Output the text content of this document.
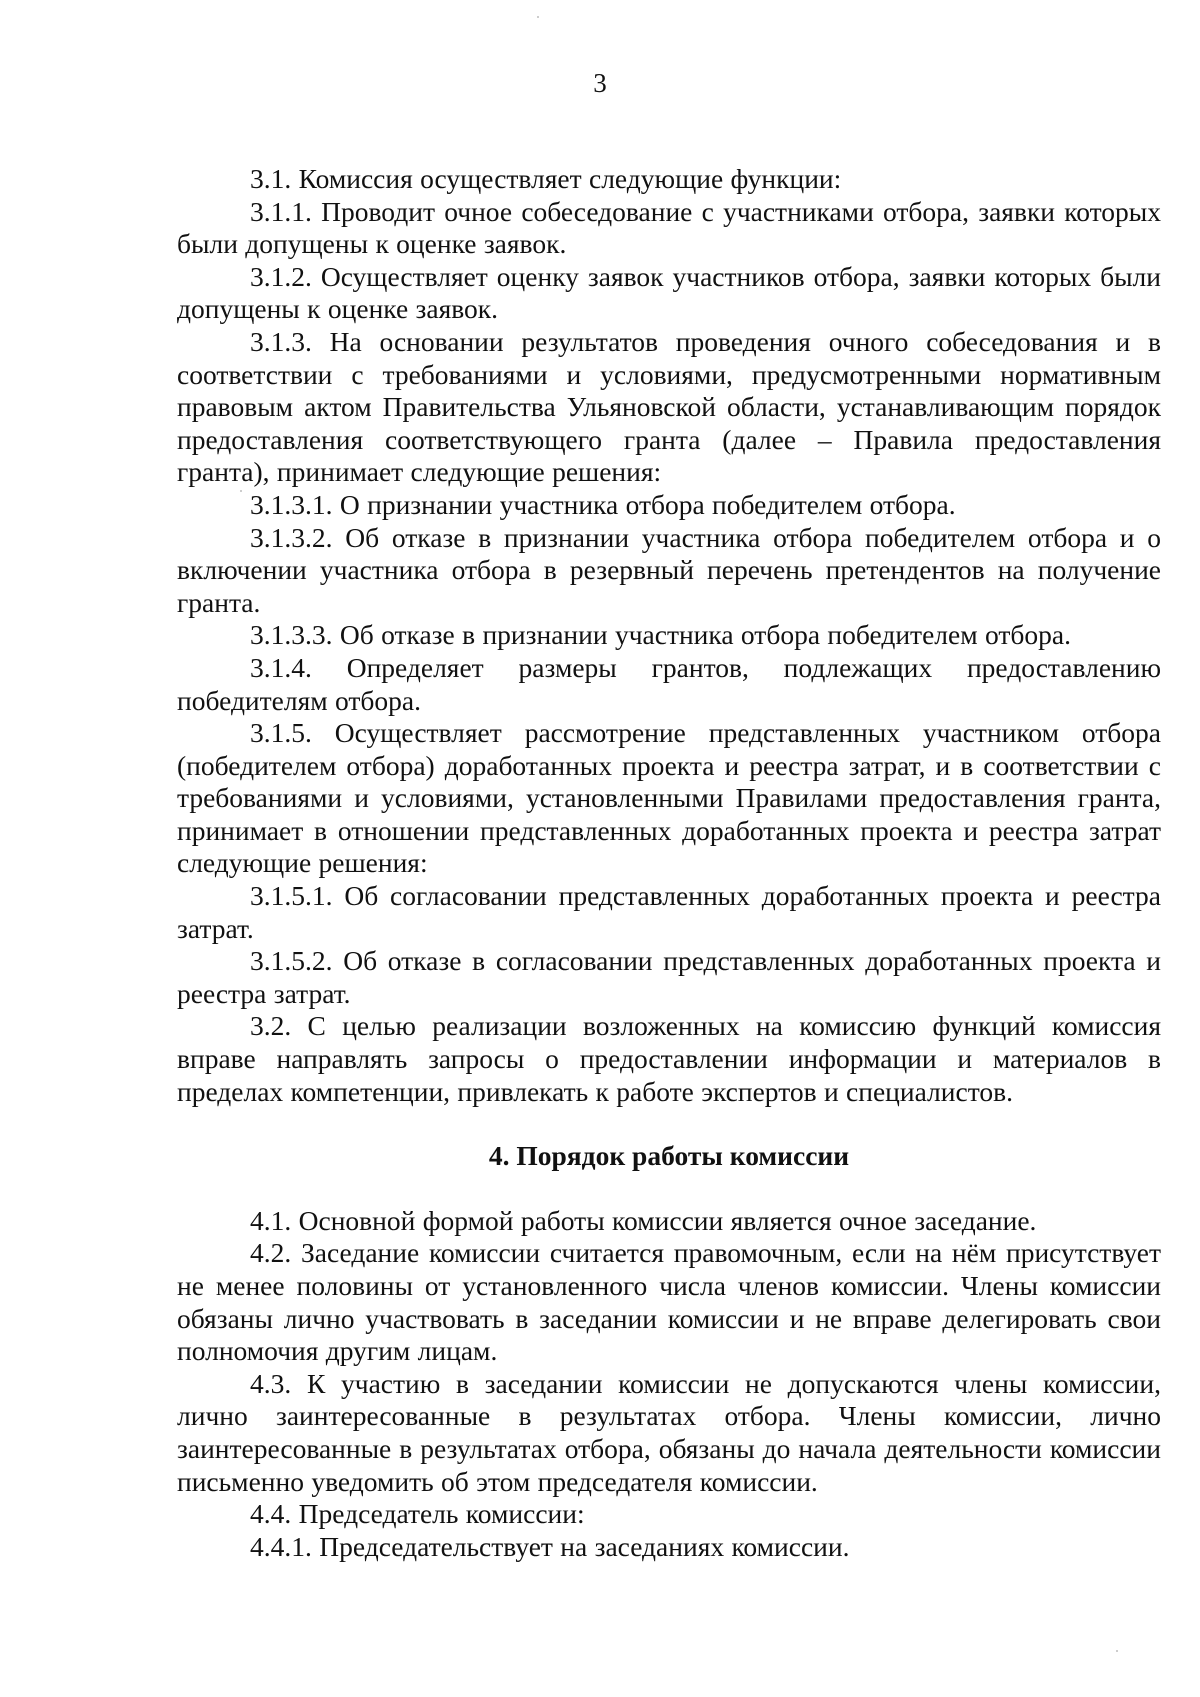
3

3.1. Комиссия осуществляет следующие функции:

3.1.1. Проводит очное собеседование с участниками отбора, заявки которых были допущены к оценке заявок.

3.1.2. Осуществляет оценку заявок участников отбора, заявки которых были допущены к оценке заявок.

3.1.3. На основании результатов проведения очного собеседования и в соответствии с требованиями и условиями, предусмотренными нормативным правовым актом Правительства Ульяновской области, устанавливающим порядок предоставления соответствующего гранта (далее – Правила предоставления гранта), принимает следующие решения:

3.1.3.1. О признании участника отбора победителем отбора.

3.1.3.2. Об отказе в признании участника отбора победителем отбора и о включении участника отбора в резервный перечень претендентов на получение гранта.

3.1.3.3. Об отказе в признании участника отбора победителем отбора.

3.1.4. Определяет размеры грантов, подлежащих предоставлению победителям отбора.

3.1.5. Осуществляет рассмотрение представленных участником отбора (победителем отбора) доработанных проекта и реестра затрат, и в соответствии с требованиями и условиями, установленными Правилами предоставления гранта, принимает в отношении представленных доработанных проекта и реестра затрат следующие решения:

3.1.5.1. Об согласовании представленных доработанных проекта и реестра затрат.

3.1.5.2. Об отказе в согласовании представленных доработанных проекта и реестра затрат.

3.2. С целью реализации возложенных на комиссию функций комиссия вправе направлять запросы о предоставлении информации и материалов в пределах компетенции, привлекать к работе экспертов и специалистов.

4. Порядок работы комиссии

4.1. Основной формой работы комиссии является очное заседание.

4.2. Заседание комиссии считается правомочным, если на нём присутствует не менее половины от установленного числа членов комиссии. Члены комиссии обязаны лично участвовать в заседании комиссии и не вправе делегировать свои полномочия другим лицам.

4.3. К участию в заседании комиссии не допускаются члены комиссии, лично заинтересованные в результатах отбора. Члены комиссии, лично заинтересованные в результатах отбора, обязаны до начала деятельности комиссии письменно уведомить об этом председателя комиссии.

4.4. Председатель комиссии:

4.4.1. Председательствует на заседаниях комиссии.
